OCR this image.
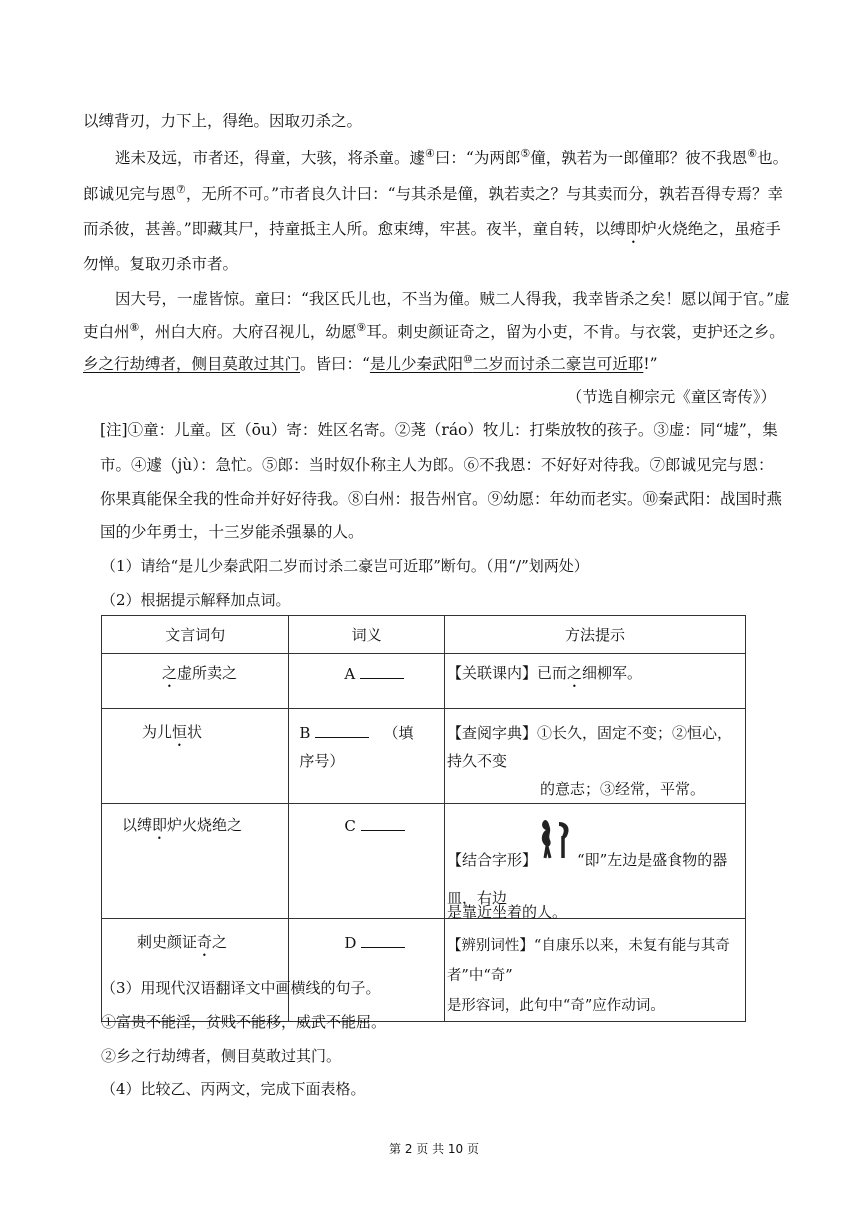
以缚背刃，力下上，得绝。因取刃杀之。
逃未及远，市者还，得童，大骇，将杀童。遽④曰：“为两郎⑤僮，孰若为一郎僮耶？彼不我恩⑥也。
郎诚见完与恩⑦，无所不可。”市者良久计曰：“与其杀是僮，孰若卖之？与其卖而分，孰若吾得专焉？幸
而杀彼，甚善。”即藏其尸，持童抵主人所。愈束缚，牢甚。夜半，童自转，以缚即炉火烧绝之，虽疮手
勿惮。复取刃杀市者。
因大号，一虚皆惊。童曰：“我区氏儿也，不当为僮。贼二人得我，我幸皆杀之矣！愿以闻于官。”虚
吏白州⑧，州白大府。大府召视儿，幼愿⑨耳。刺史颜证奇之，留为小吏，不肯。与衣裳，吏护还之乡。
乡之行劫缚者，侧目莫敢过其门。皆曰：“是儿少秦武阳⑩二岁而讨杀二豪岂可近耶!”
（节选自柳宗元《童区寄传》）
[注]①童：儿童。区（ōu）寄：姓区名寄。②荛（ráo）牧儿：打柴放牧的孩子。③虚：同“墟”，集
市。④遽（jù）：急忙。⑤郎：当时奴仆称主人为郎。⑥不我恩：不好好对待我。⑦郎诚见完与恩：
你果真能保全我的性命并好好待我。⑧白州：报告州官。⑨幼愿：年幼而老实。⑩秦武阳：战国时燕
国的少年勇士，十三岁能杀强暴的人。
（1）请给“是儿少秦武阳二岁而讨杀二豪岂可近耶”断句。（用“/”划两处）
（2）根据提示解释加点词。
文言词句	词义	方法提示
之虚所卖之	A	【关联课内】已而之细柳军。
为儿恒状	B （填
序号）	【查阅字典】①长久，固定不变；②恒心，持久不变
的意志；③经常，平常。
以缚即炉火烧绝之	C	【结合字形】 “即”左边是盛食物的器皿，右边
是靠近坐着的人。
刺史颜证奇之	D	【辨别词性】“自康乐以来，未复有能与其奇者”中“奇”
是形容词，此句中“奇”应作动词。
（3）用现代汉语翻译文中画横线的句子。
①富贵不能淫，贫贱不能移，威武不能屈。
②乡之行劫缚者，侧目莫敢过其门。
（4）比较乙、丙两文，完成下面表格。
第 2 页 共 10 页
